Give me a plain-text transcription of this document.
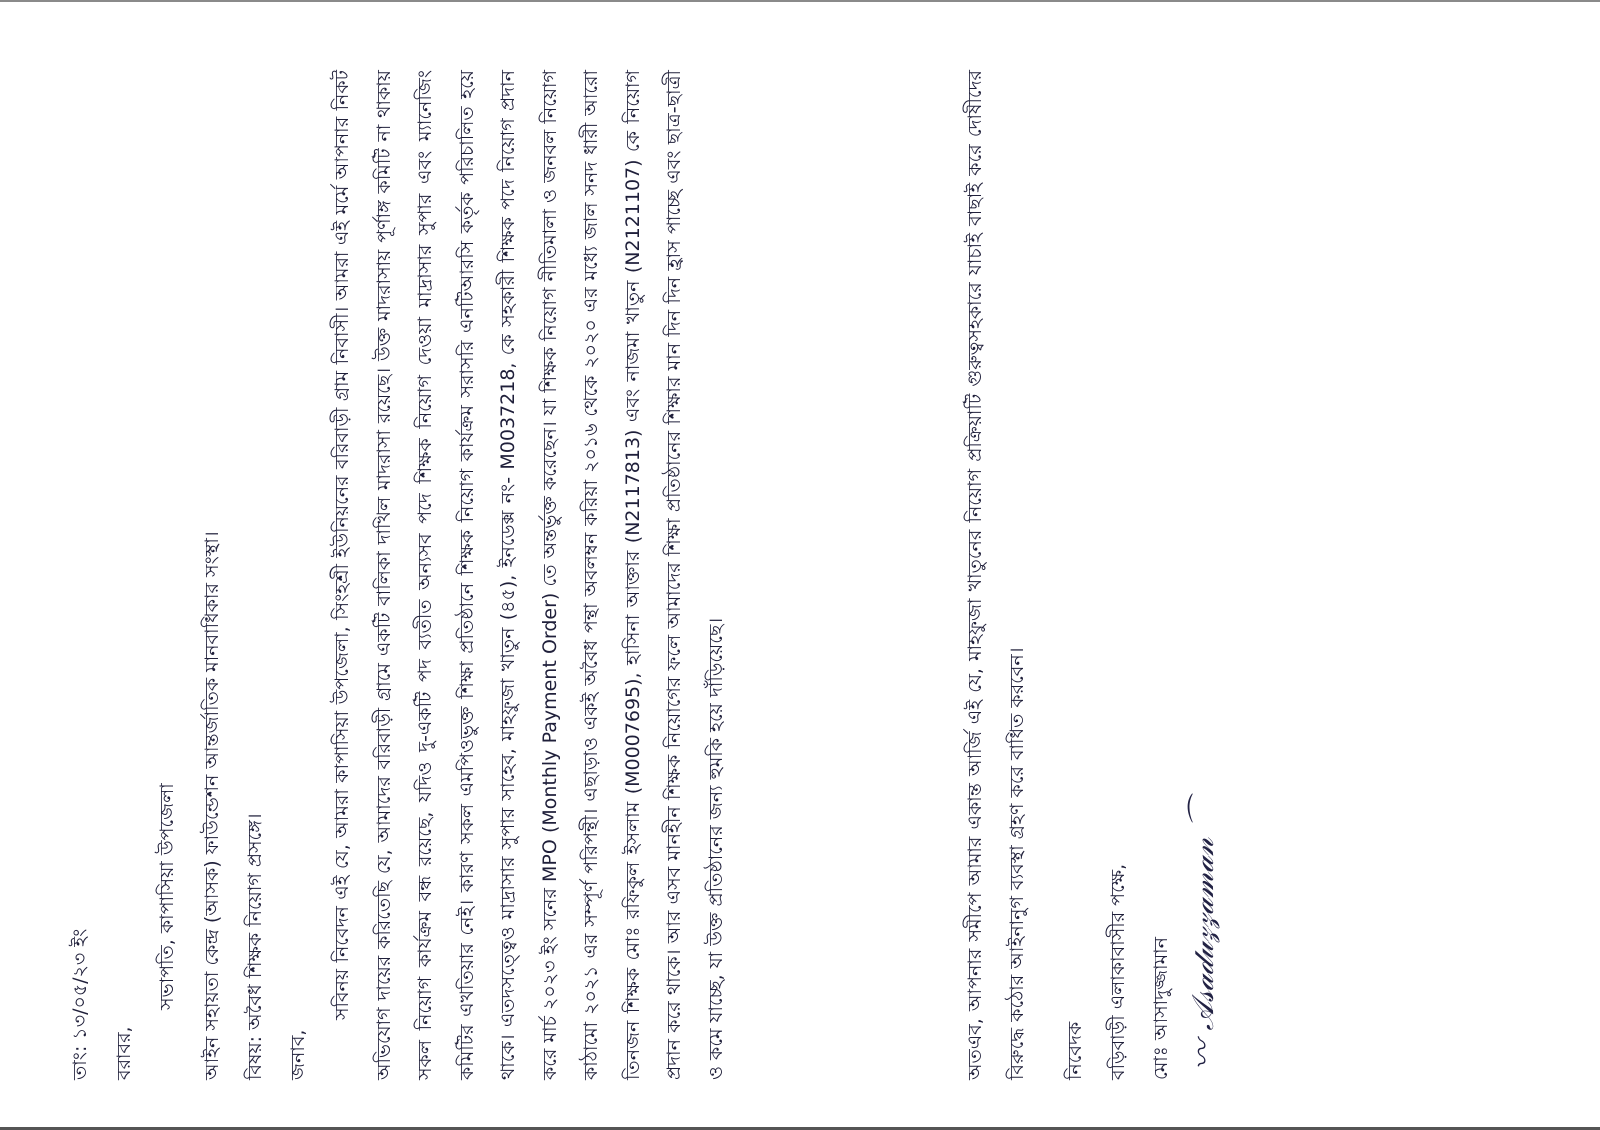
তাং: ১৩/০৫/২৩ ইং বরাবর,
সভাপতি, কাপাসিয়া উপজেলা আইন সহায়তা কেন্দ্র (আসক) ফাউন্ডেশন আন্তর্জাতিক মানবাধিকার সংস্থা। বিষয়: অবৈধ শিক্ষক নিয়োগ প্রসঙ্গে। জনাব,
সবিনয় নিবেদন এই যে, আমরা কাপাসিয়া উপজেলা, সিংহশ্রী ইউনিয়নের বরিবাড়ী গ্রাম নিবাসী। আমরা এই মর্মে আপনার নিকট অভিযোগ দায়ের করিতেছি যে, আমাদের বরিবাড়ী গ্রামে একটি বালিকা দাখিল মাদরাসা রয়েছে। উক্ত মাদরাসায় পূর্ণাঙ্গ কমিটি না থাকায় সকল নিয়োগ কার্যক্রম বন্ধ রয়েছে, যদিও দু-একটি পদ ব্যতীত অন্যসব পদে শিক্ষক নিয়োগ দেওয়া মাদ্রাসার সুপার এবং ম্যানেজিং কমিটির এখতিয়ার নেই। কারণ সকল এমপিওভুক্ত শিক্ষা প্রতিষ্ঠানে শিক্ষক নিয়োগ কার্যক্রম সরাসরি এনটিআরসি কর্তৃক পরিচালিত হয়ে থাকে। এতদসত্ত্বেও মাদ্রাসার সুপার সাহেব, মাহফুজা খাতুন (৪৫), ইনডেক্স নং- M0037218, কে সহকারী শিক্ষক পদে নিয়োগ প্রদান করে মার্চ ২০২৩ ইং সনের MPO (Monthly Payment Order) তে অন্তর্ভুক্ত করেছেন। যা শিক্ষক নিয়োগ নীতিমালা ও জনবল নিয়োগ কাঠামো ২০২১ এর সম্পূর্ণ পরিপন্থী। এছাড়াও একই অবৈধ পন্থা অবলম্বন করিয়া ২০১৬ থেকে ২০২০ এর মধ্যে জাল সনদ ধারী আরো তিনজন শিক্ষক মোঃ রফিকুল ইসলাম (M0007695), হাসিনা আক্তার (N2117813) এবং নাজমা খাতুন (N2121107) কে নিয়োগ প্রদান করে থাকে। আর এসব মানহীন শিক্ষক নিয়োগের ফলে আমাদের শিক্ষা প্রতিষ্ঠানের শিক্ষার মান দিন দিন হ্রাস পাচ্ছে এবং ছাত্র-ছাত্রী ও কমে যাচ্ছে, যা উক্ত প্রতিষ্ঠানের জন্য হুমকি হয়ে দাঁড়িয়েছে।	অতএব, আপনার সমীপে আমার একান্ত আর্জি এই যে, মাহফুজা খাতুনের নিয়োগ প্রক্রিয়াটি গুরুত্বসহকারে যাচাই বাছাই করে দোষীদের বিরুদ্ধে কঠোর আইনানুগ ব্যবস্থা গ্রহণ করে বাধিত করবেন।	নিবেদক বড়িবাড়ী এলাকাবাসীর পক্ষে, মোঃ আসাদুজ্জামান 〰 𝒜𝓈𝒶𝒹𝓊𝓏𝓏𝒶𝓂𝒶𝓃 ⌒
